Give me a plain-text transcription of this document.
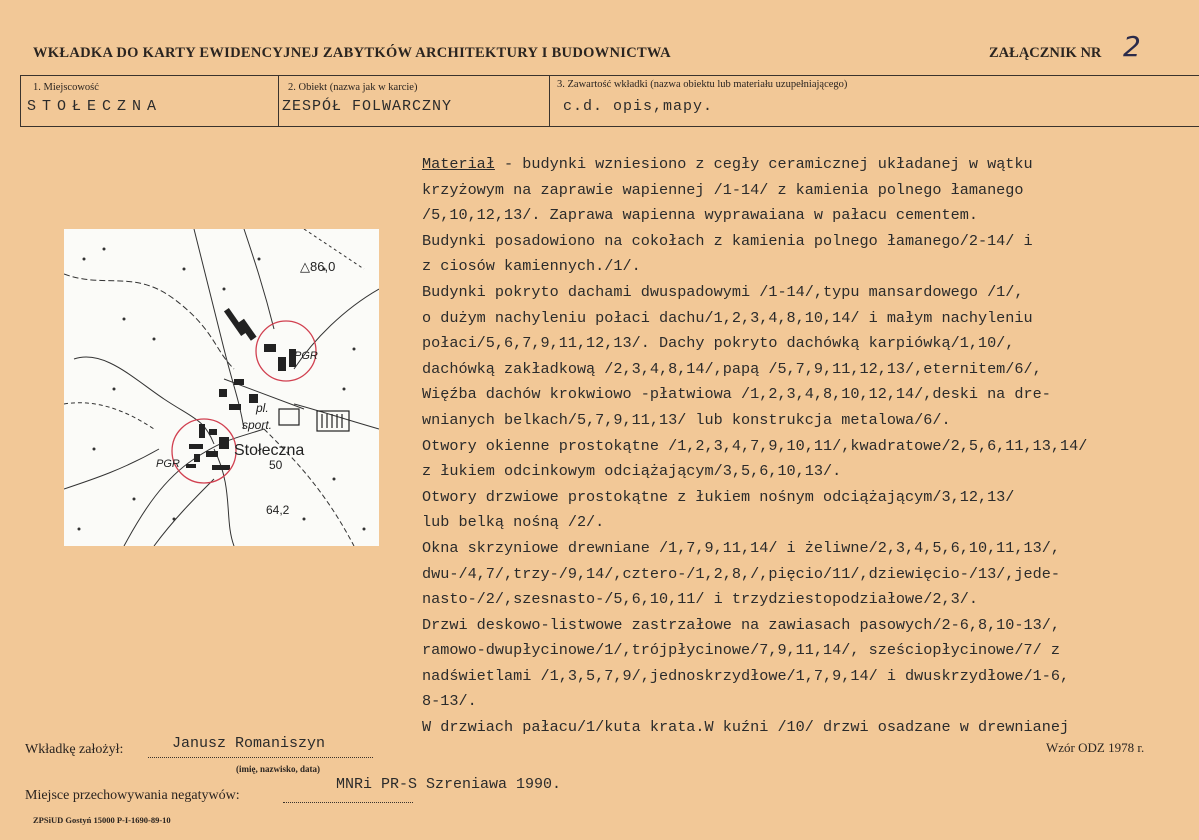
WKŁADKA DO KARTY EWIDENCYJNEJ ZABYTKÓW ARCHITEKTURY I BUDOWNICTWA	ZAŁĄCZNIK NR 2
1. Miejscowość
STOŁECZNA
2. Obiekt (nazwa jak w karcie)
ZESPÓŁ FOLWARCZNY
3. Zawartość wkładki (nazwa obiektu lub materiału uzupełniającego)
c.d. opis,mapy.
△86,0
PGR
pl.
sport.
Stołeczna
PGR	50
64,2
Materiał - budynki wzniesiono z cegły ceramicznej układanej w wątku
krzyżowym na zaprawie wapiennej /1-14/ z kamienia polnego łamanego
/5,10,12,13/. Zaprawa wapienna wyprawaiana w pałacu cementem.
Budynki posadowiono na cokołach z kamienia polnego łamanego/2-14/ i
z ciosów kamiennych./1/.
Budynki pokryto dachami dwuspadowymi /1-14/,typu mansardowego /1/,
o dużym nachyleniu połaci dachu/1,2,3,4,8,10,14/ i małym nachyleniu
połaci/5,6,7,9,11,12,13/. Dachy pokryto dachówką karpiówką/1,10/,
dachówką zakładkową /2,3,4,8,14/,papą /5,7,9,11,12,13/,eternitem/6/,
Więźba dachów krokwiowo -płatwiowa /1,2,3,4,8,10,12,14/,deski na dre-
wnianych belkach/5,7,9,11,13/ lub konstrukcja metalowa/6/.
Otwory okienne prostokątne /1,2,3,4,7,9,10,11/,kwadratowe/2,5,6,11,13,14/
z łukiem odcinkowym odciążającym/3,5,6,10,13/.
Otwory drzwiowe prostokątne z łukiem nośnym odciążającym/3,12,13/
lub belką nośną /2/.
Okna skrzyniowe drewniane /1,7,9,11,14/ i żeliwne/2,3,4,5,6,10,11,13/,
dwu-/4,7/,trzy-/9,14/,cztero-/1,2,8,/,pięcio/11/,dziewięcio-/13/,jede-
nasto-/2/,szesnasto-/5,6,10,11/ i trzydziestopodziałowe/2,3/.
Drzwi deskowo-listwowe zastrzałowe na zawiasach pasowych/2-6,8,10-13/,
ramowo-dwupłycinowe/1/,trójpłycinowe/7,9,11,14/, sześciopłycinowe/7/ z
nadświetlami /1,3,5,7,9/,jednoskrzydłowe/1,7,9,14/ i dwuskrzydłowe/1-6,
8-13/.
W drzwiach pałacu/1/kuta krata.W kuźni /10/ drzwi osadzane w drewnianej
Wkładkę założył:	Janusz Romaniszyn
(imię, nazwisko, data)
Miejsce przechowywania negatywów:
MNRi PR-S Szreniawa 1990.
Wzór ODZ 1978 r.
ZPSiUD Gostyń 15000 P-I-1690-89-10
